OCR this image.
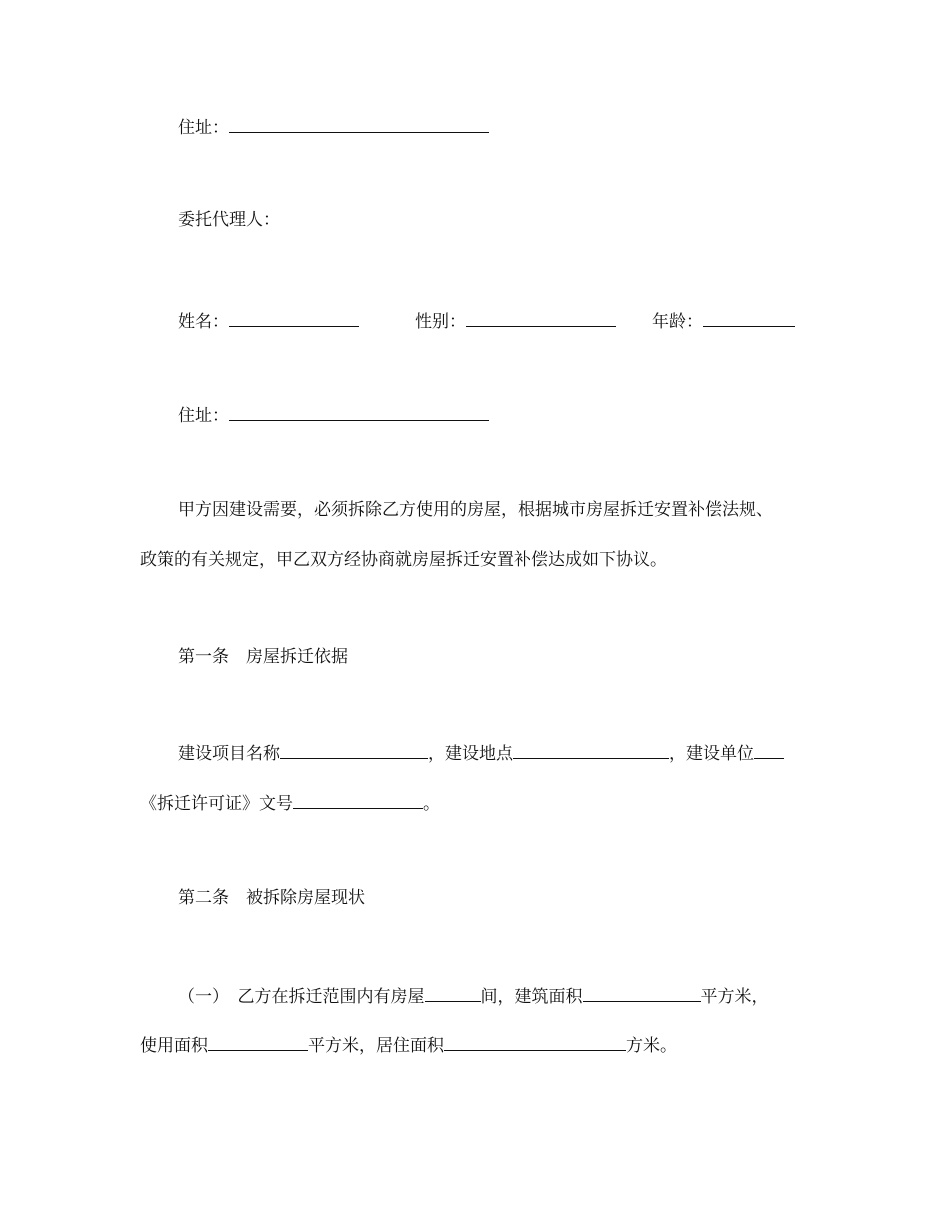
住址：
委托代理人：
姓名：	性别：	年龄：
住址：
甲方因建设需要，必须拆除乙方使用的房屋，根据城市房屋拆迁安置补偿法规、
政策的有关规定，甲乙双方经协商就房屋拆迁安置补偿达成如下协议。
第一条　房屋拆迁依据
建设项目名称	，建设地点	，建设单位
《拆迁许可证》文号	。
第二条　被拆除房屋现状
（一）　乙方在拆迁范围内有房屋	间，建筑面积	平方米，
使用面积	平方米，居住面积	方米。
